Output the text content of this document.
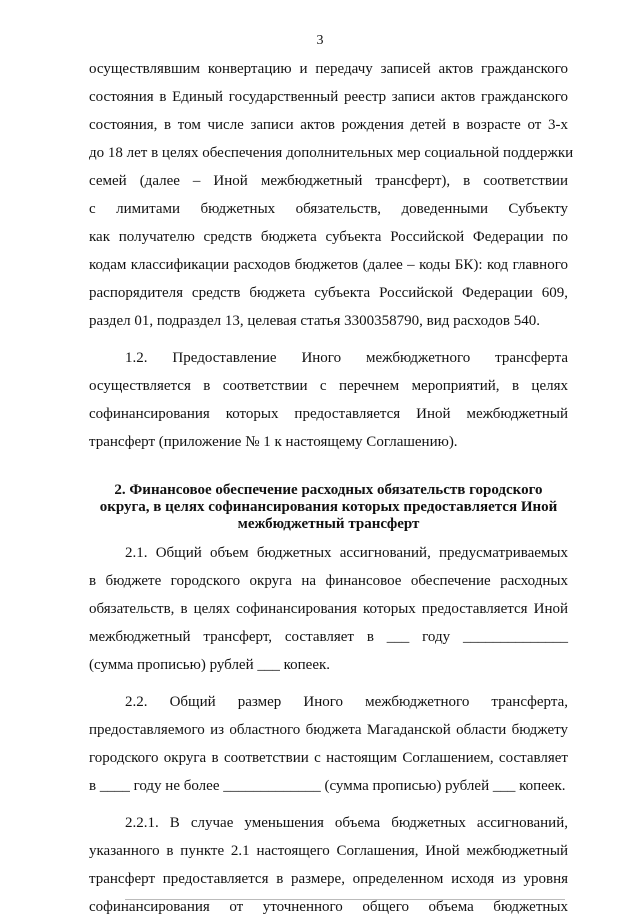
3

осуществлявшим конвертацию и передачу записей актов гражданского

состояния в Единый государственный реестр записи актов гражданского

состояния, в том числе записи актов рождения детей в возрасте от 3-х

до 18 лет в целях обеспечения дополнительных мер социальной поддержки

семей (далее – Иной межбюджетный трансферт), в соответствии

с лимитами бюджетных обязательств, доведенными Субъекту

как получателю средств бюджета субъекта Российской Федерации по

кодам классификации расходов бюджетов (далее – коды БК): код главного

распорядителя средств бюджета субъекта Российской Федерации 609,

раздел 01, подраздел 13, целевая статья 3300358790, вид расходов 540.

1.2. Предоставление Иного межбюджетного трансферта

осуществляется в соответствии с перечнем мероприятий, в целях

софинансирования которых предоставляется Иной межбюджетный

трансферт (приложение № 1 к настоящему Соглашению).

2. Финансовое обеспечение расходных обязательств городского
округа, в целях софинансирования которых предоставляется Иной
межбюджетный трансферт

2.1. Общий объем бюджетных ассигнований, предусматриваемых

в бюджете городского округа на финансовое обеспечение расходных

обязательств, в целях софинансирования которых предоставляется Иной

межбюджетный трансферт, составляет в ___ году ______________

(сумма прописью) рублей ___ копеек.

2.2. Общий размер Иного межбюджетного трансферта,

предоставляемого из областного бюджета Магаданской области бюджету

городского округа в соответствии с настоящим Соглашением, составляет

в ____ году не более _____________ (сумма прописью) рублей ___ копеек.

2.2.1. В случае уменьшения объема бюджетных ассигнований,

указанного в пункте 2.1 настоящего Соглашения, Иной межбюджетный

трансферт предоставляется в размере, определенном исходя из уровня

софинансирования от уточненного общего объема бюджетных
